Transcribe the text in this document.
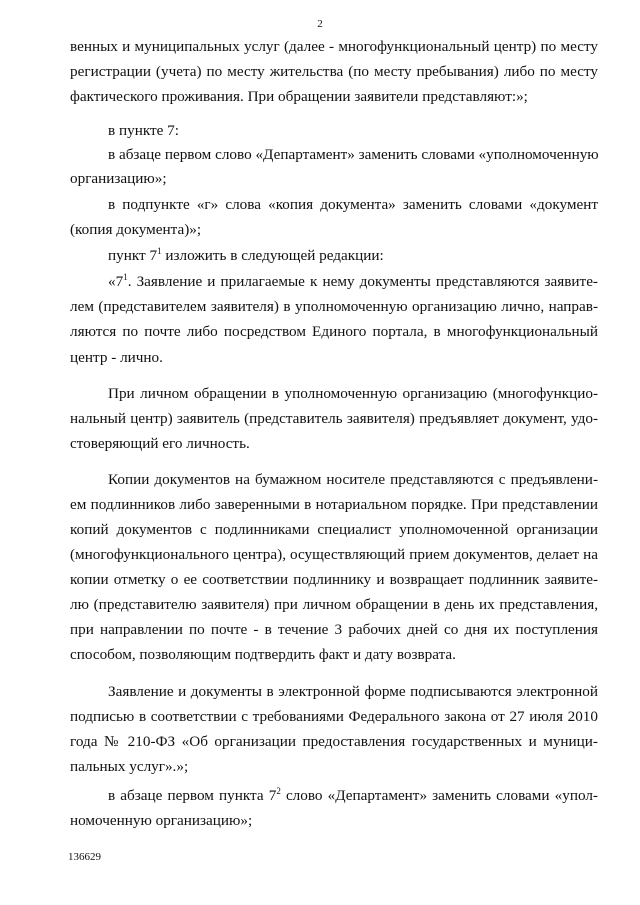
2
венных и муниципальных услуг (далее - многофункциональный центр) по месту
регистрации (учета) по месту жительства (по месту пребывания) либо по месту
фактического проживания. При обращении заявители представляют:»;
в пункте 7:
в абзаце первом слово «Департамент» заменить словами «уполномоченную
организацию»;
в подпункте «г» слова «копия документа» заменить словами «документ
(копия документа)»;
пункт $7^1$ изложить в следующей редакции:
«$7^1$. Заявление и прилагаемые к нему документы представляются заявите-
лем (представителем заявителя) в уполномоченную организацию лично, направ-
ляются по почте либо посредством Единого портала, в многофункциональный
центр - лично.
При личном обращении в уполномоченную организацию (многофункцио-
нальный центр) заявитель (представитель заявителя) предъявляет документ, удо-
стоверяющий его личность.
Копии документов на бумажном носителе представляются с предъявлени-
ем подлинников либо заверенными в нотариальном порядке. При представлении
копий документов с подлинниками специалист уполномоченной организации
(многофункционального центра), осуществляющий прием документов, делает на
копии отметку о ее соответствии подлиннику и возвращает подлинник заявите-
лю (представителю заявителя) при личном обращении в день их представления,
при направлении по почте - в течение 3 рабочих дней со дня их поступления
способом, позволяющим подтвердить факт и дату возврата.
Заявление и документы в электронной форме подписываются электронной
подписью в соответствии с требованиями Федерального закона от 27 июля 2010
года № 210-ФЗ «Об организации предоставления государственных и муници-
пальных услуг».»;
в абзаце первом пункта $7^2$ слово «Департамент» заменить словами «упол-
номоченную организацию»;
136629
